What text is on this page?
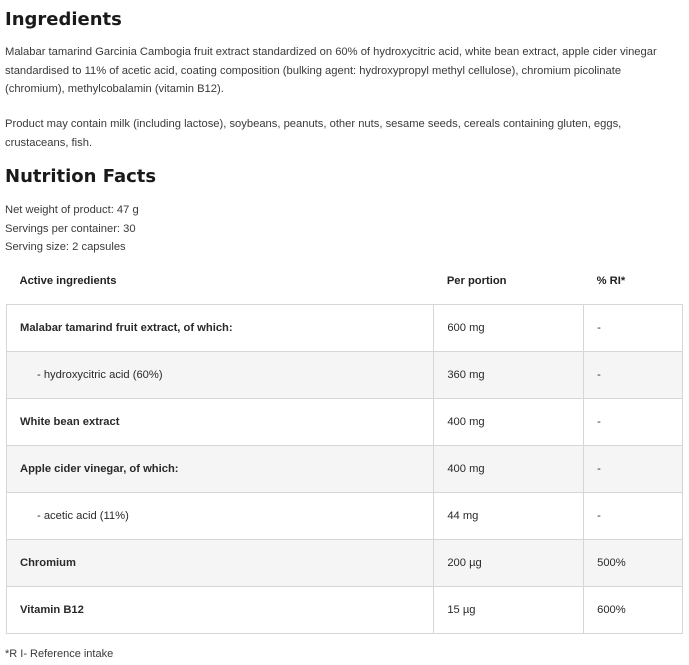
Ingredients

Malabar tamarind Garcinia Cambogia fruit extract standardized on 60% of hydroxycitric acid, white bean extract, apple cider vinegar standardised to 11% of acetic acid, coating composition (bulking agent: hydroxypropyl methyl cellulose), chromium picolinate (chromium), methylcobalamin (vitamin B12).

Product may contain milk (including lactose), soybeans, peanuts, other nuts, sesame seeds, cereals containing gluten, eggs, crustaceans, fish.

Nutrition Facts
Net weight of product: 47 g
Servings per container: 30
Serving size: 2 capsules
Active ingredients	Per portion	% RI*
Malabar tamarind fruit extract, of which:	600 mg	-
- hydroxycitric acid (60%)	360 mg	-
White bean extract	400 mg	-
Apple cider vinegar, of which:	400 mg	-
- acetic acid (11%)	44 mg	-
Chromium	200 µg	500%
Vitamin B12	15 µg	600%
*R I- Reference intake
